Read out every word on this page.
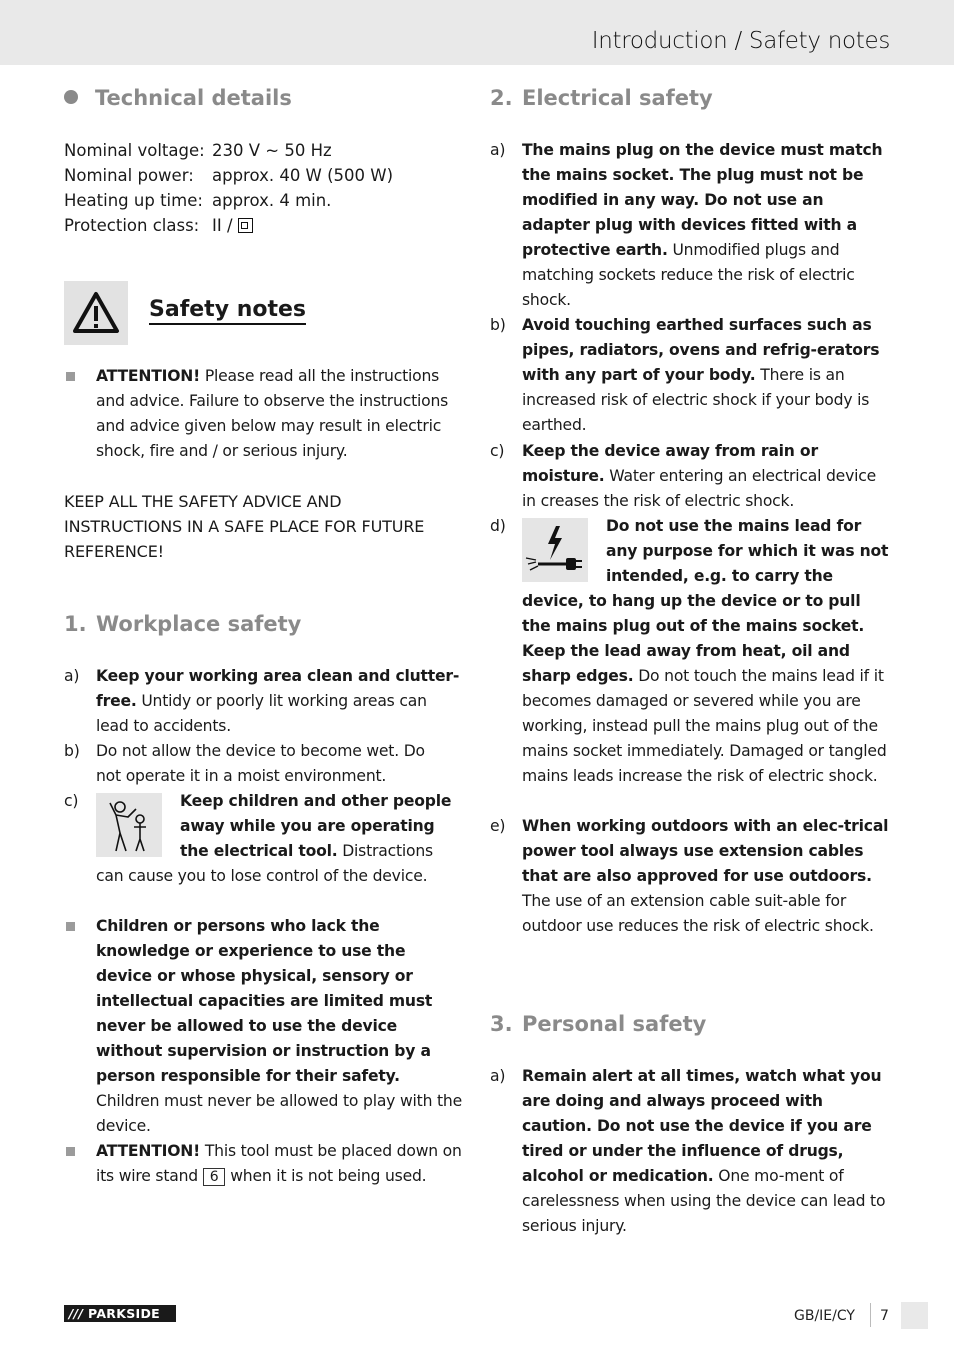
Introduction / Safety notes
Technical details
Nominal voltage: 230 V ~ 50 Hz
Nominal power: approx. 40 W (500 W)
Heating up time: approx. 4 min.
Protection class: II /
Safety notes
ATTENTION! Please read all the instructions and advice. Failure to observe the instructions and advice given below may result in electric shock, fire and / or serious injury.
KEEP ALL THE SAFETY ADVICE AND INSTRUCTIONS IN A SAFE PLACE FOR FUTURE REFERENCE!
1. Workplace safety
a) Keep your working area clean and clutter-free. Untidy or poorly lit working areas can lead to accidents.
b) Do not allow the device to become wet. Do not operate it in a moist environment.
c)	Keep children and other people away while you are operating the electrical tool. Distractions can cause you to lose control of the device.
Children or persons who lack the knowledge or experience to use the device or whose physical, sensory or intellectual capacities are limited must never be allowed to use the device without supervision or instruction by a person responsible for their safety. Children must never be allowed to play with the device.
ATTENTION! This tool must be placed down on its wire stand 6 when it is not being used.
2. Electrical safety
a) The mains plug on the device must match the mains socket. The plug must not be modified in any way. Do not use an adapter plug with devices fitted with a protective earth. Unmodified plugs and matching sockets reduce the risk of electric shock.
b) Avoid touching earthed surfaces such as pipes, radiators, ovens and refrig-erators with any part of your body. There is an increased risk of electric shock if your body is earthed.
c) Keep the device away from rain or moisture. Water entering an electrical device in creases the risk of electric shock.
d)	Do not use the mains lead for any purpose for which it was not intended, e.g. to carry the device, to hang up the device or to pull the mains plug out of the mains socket. Keep the lead away from heat, oil and sharp edges. Do not touch the mains lead if it becomes damaged or severed while you are working, instead pull the mains plug out of the mains socket immediately. Damaged or tangled mains leads increase the risk of electric shock.
e) When working outdoors with an elec-trical power tool always use extension cables that are also approved for use outdoors. The use of an extension cable suit-able for outdoor use reduces the risk of electric shock.
3. Personal safety
a) Remain alert at all times, watch what you are doing and always proceed with caution. Do not use the device if you are tired or under the influence of drugs, alcohol or medication. One mo-ment of carelessness when using the device can lead to serious injury.
/// PARKSIDE	GB/IE/CY 7
